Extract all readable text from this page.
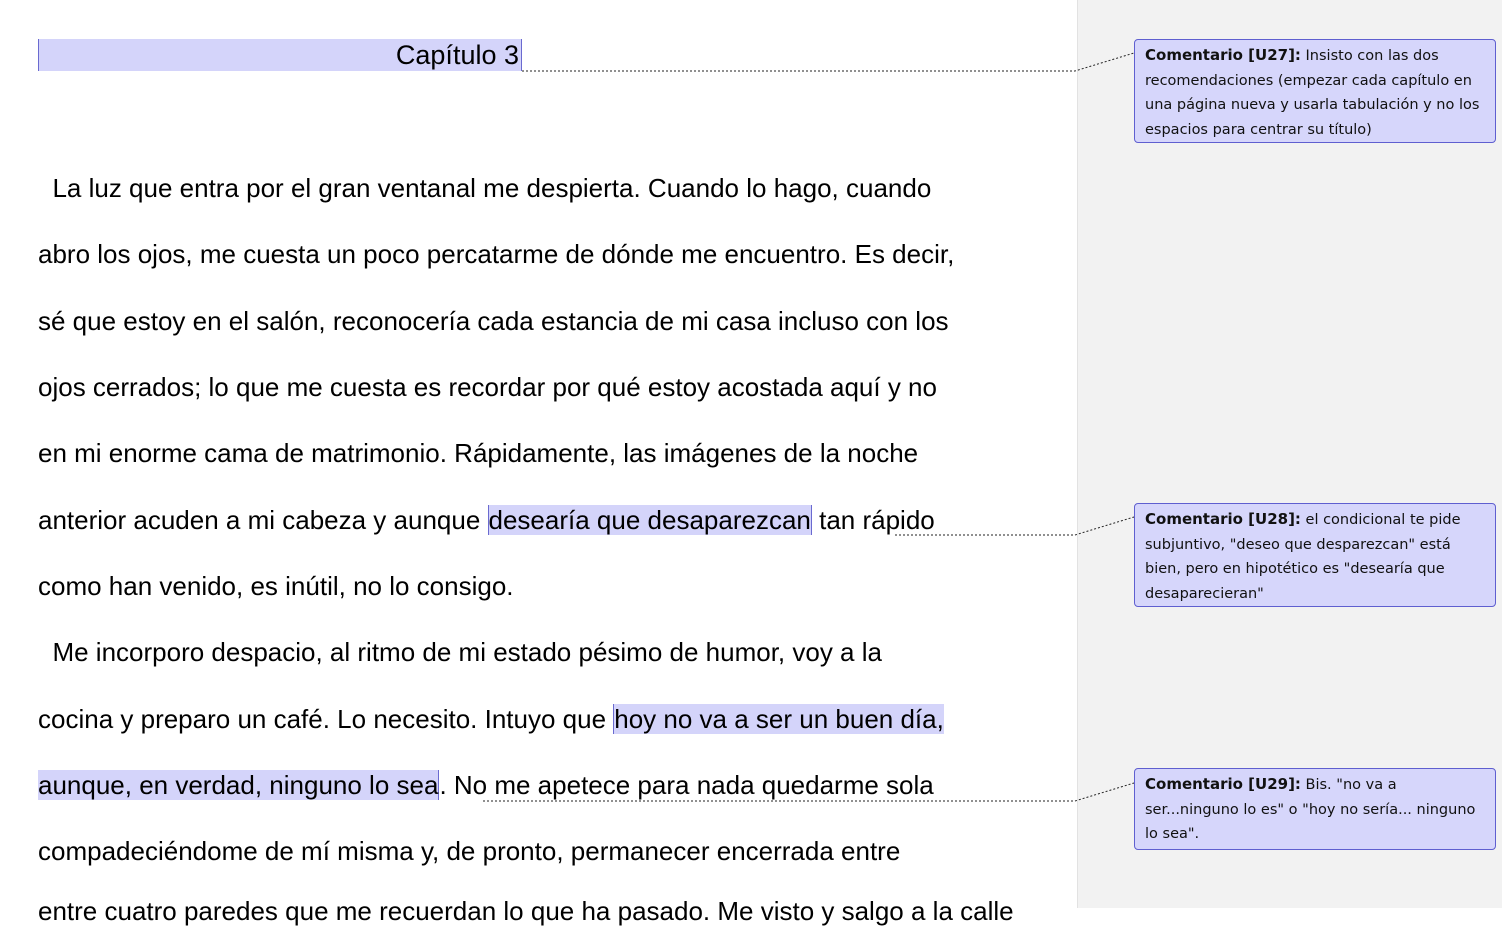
Capítulo 3
La luz que entra por el gran ventanal me despierta. Cuando lo hago, cuando
abro los ojos, me cuesta un poco percatarme de dónde me encuentro. Es decir,
sé que estoy en el salón, reconocería cada estancia de mi casa incluso con los
ojos cerrados; lo que me cuesta es recordar por qué estoy acostada aquí y no
en mi enorme cama de matrimonio. Rápidamente, las imágenes de la noche
anterior acuden a mi cabeza y aunque desearía que desaparezcan tan rápido
como han venido, es inútil, no lo consigo.
Me incorporo despacio, al ritmo de mi estado pésimo de humor, voy a la
cocina y preparo un café. Lo necesito. Intuyo que hoy no va a ser un buen día,
aunque, en verdad, ninguno lo sea. No me apetece para nada quedarme sola
compadeciéndome de mí misma y, de pronto, permanecer encerrada entre
entre cuatro paredes que me recuerdan lo que ha pasado. Me visto y salgo a la calle
Comentario [U27]: Insisto con las dos recomendaciones (empezar cada capítulo en una página nueva y usarla tabulación y no los espacios para centrar su título)
Comentario [U28]: el condicional te pide subjuntivo, "deseo que desparezcan" está bien, pero en hipotético es "desearía que desaparecieran"
Comentario [U29]: Bis. "no va a ser...ninguno lo es" o "hoy no sería... ninguno lo sea".
